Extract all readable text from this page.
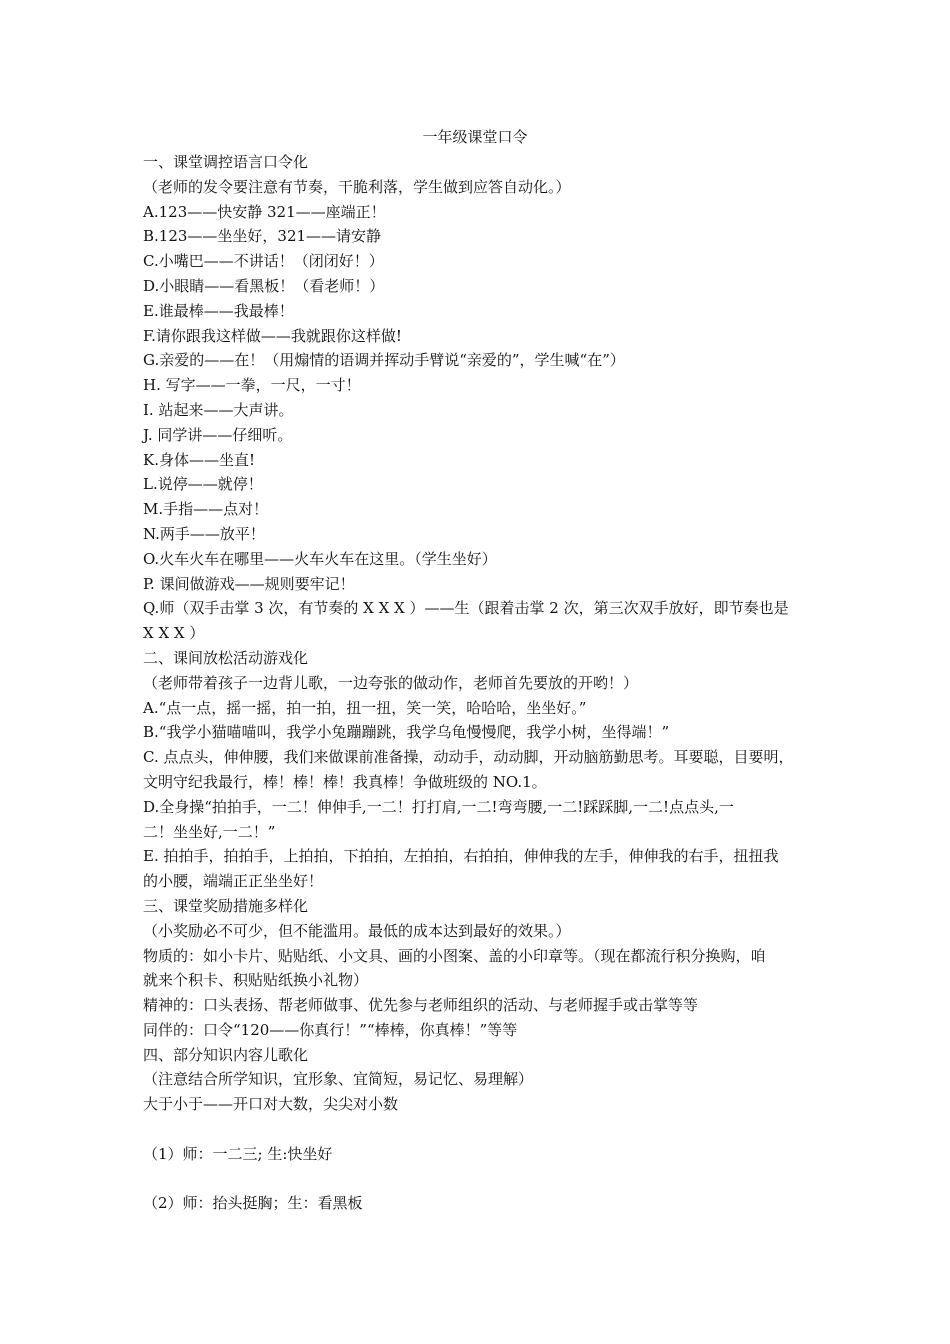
一年级课堂口令
一、课堂调控语言口令化
（老师的发令要注意有节奏，干脆利落，学生做到应答自动化。）
A.123——快安静 321——座端正！
B.123——坐坐好，321——请安静
C.小嘴巴——不讲话！（闭闭好！）
D.小眼睛——看黑板！（看老师！）
E.谁最棒——我最棒！
F.请你跟我这样做——我就跟你这样做!
G.亲爱的——在！（用煽情的语调并挥动手臂说“亲爱的”，学生喊“在”）
H. 写字——一拳，一尺，一寸！
I. 站起来——大声讲。
J. 同学讲——仔细听。
K.身体——坐直!
L.说停——就停！
M.手指——点对！
N.两手——放平！
O.火车火车在哪里——火车火车在这里。（学生坐好）
P. 课间做游戏——规则要牢记！
Q.师（双手击掌 3 次，有节奏的 X X X ）——生（跟着击掌 2 次，第三次双手放好，即节奏也是
X X X ）
二、课间放松活动游戏化
（老师带着孩子一边背儿歌，一边夸张的做动作，老师首先要放的开哟！）
A.“点一点，摇一摇，拍一拍，扭一扭，笑一笑，哈哈哈，坐坐好。”
B.“我学小猫喵喵叫，我学小兔蹦蹦跳，我学乌龟慢慢爬，我学小树，坐得端！”
C. 点点头，伸伸腰，我们来做课前准备操，动动手，动动脚，开动脑筋勤思考。耳要聪，目要明，
文明守纪我最行，棒！棒！棒！我真棒！争做班级的 NO.1。
D.全身操“拍拍手，一二！伸伸手,一二！打打肩,一二!弯弯腰,一二!踩踩脚,一二!点点头,一
二！坐坐好,一二！”
E. 拍拍手，拍拍手，上拍拍，下拍拍，左拍拍，右拍拍，伸伸我的左手，伸伸我的右手，扭扭我
的小腰，端端正正坐坐好！
三、课堂奖励措施多样化
（小奖励必不可少，但不能滥用。最低的成本达到最好的效果。）
物质的：如小卡片、贴贴纸、小文具、画的小图案、盖的小印章等。（现在都流行积分换购，咱
就来个积卡、积贴贴纸换小礼物）
精神的：口头表扬、帮老师做事、优先参与老师组织的活动、与老师握手或击掌等等
同伴的：口令“120——你真行！”“棒棒，你真棒！”等等
四、部分知识内容儿歌化
（注意结合所学知识，宜形象、宜简短，易记忆、易理解）
大于小于——开口对大数，尖尖对小数
（1）师：一二三; 生:快坐好
（2）师：抬头挺胸；生：看黑板
